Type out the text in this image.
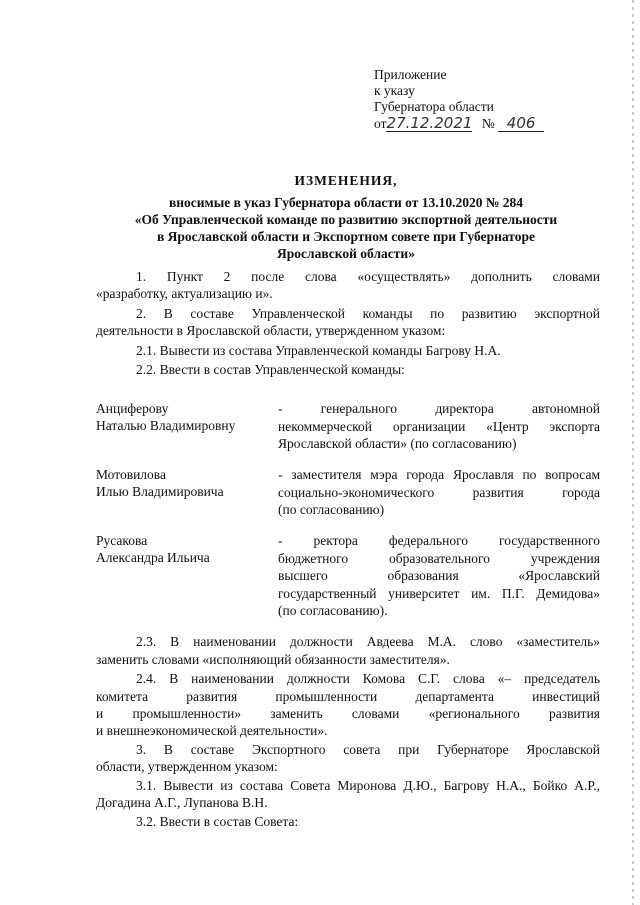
Приложение
к указу
Губернатора области
от27.12.2021 № 406
ИЗМЕНЕНИЯ,
вносимые в указ Губернатора области от 13.10.2020 № 284
«Об Управленческой команде по развитию экспортной деятельности
в Ярославской области и Экспортном совете при Губернаторе
Ярославской области»
1. Пункт 2 после слова «осуществлять» дополнить словами
«разработку, актуализацию и».
2. В составе Управленческой команды по развитию экспортной
деятельности в Ярославской области, утвержденном указом:
2.1. Вывести из состава Управленческой команды Багрову Н.А.
2.2. Ввести в состав Управленческой команды:
Анциферову
Наталью Владимировну
- генерального директора автономной
некоммерческой организации «Центр экспорта
Ярославской области» (по согласованию)
Мотовилова
Илью Владимировича
- заместителя мэра города Ярославля по вопросам
социально-экономического развития города
(по согласованию)
Русакова
Александра Ильича
- ректора федерального государственного
бюджетного образовательного учреждения
высшего образования «Ярославский
государственный университет им. П.Г. Демидова»
(по согласованию).
2.3. В наименовании должности Авдеева М.А. слово «заместитель»
заменить словами «исполняющий обязанности заместителя».
2.4. В наименовании должности Комова С.Г. слова «– председатель
комитета развития промышленности департамента инвестиций
и промышленности» заменить словами «регионального развития
и внешнеэкономической деятельности».
3. В составе Экспортного совета при Губернаторе Ярославской
области, утвержденном указом:
3.1. Вывести из состава Совета Миронова Д.Ю., Багрову Н.А., Бойко А.Р.,
Догадина А.Г., Лупанова В.Н.
3.2. Ввести в состав Совета:
